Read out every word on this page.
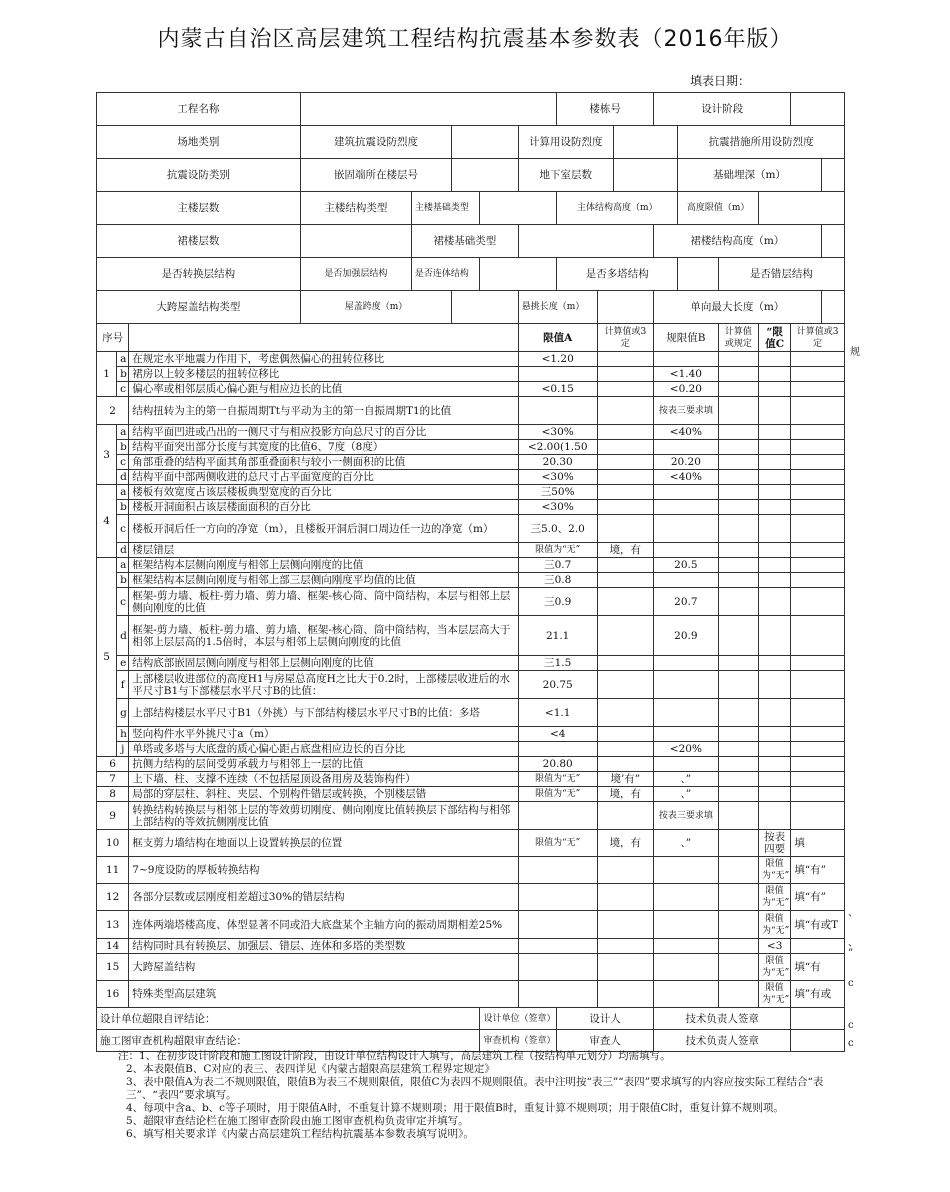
内蒙古自治区高层建筑工程结构抗震基本参数表（2016年版）
填表日期：
工程名称								楼栋号			设计阶段					
场地类别			建筑抗震设防烈度				计算用设防烈度					抗震措施所用设防烈度				
抗震设防类别			嵌固端所在楼层号				地下室层数					基础埋深（m）				
主楼层数			主楼结构类型	主楼基础类型				主体结构高度（m）				高度限值（m）				
裙楼层数				裙楼基础类型							裙楼结构高度（m）					
是否转换层结构			是否加强层结构	是否连体结构				是否多塔结构					是否错层结构			
大跨屋盖结构类型			屋盖跨度（m）				悬挑长度（m）				单向最大长度（m）					
序号							限值A		计算值或3定		规限值B		计算值或规定	“限值C	计算值或3定	
1	a	在规定水平地震力作用下，考虑偶然偏心的扭转位移比					<1.20									
	b	裙房以上较多楼层的扭转位移比									<1.40					
	c	偏心率或相邻层质心偏心距与相应边长的比值					<0.15				<0.20					
2		结构扭转为主的第一自振周期Tt与平动为主的第一自振周期T1的比值									按表三要求填					
3	a	结构平面凹进或凸出的一侧尺寸与相应投影方向总尺寸的百分比					<30%				<40%					
	b	结构平面突出部分长度与其宽度的比值6、7度（8度）					<2.00(1.50									
	c	角部重叠的结构平面其角部重叠面积与较小一侧面积的比值					20.30				20.20					
	d	结构平面中部两侧收进的总尺寸占平面宽度的百分比					<30%				<40%					
4	a	楼板有效宽度占该层楼板典型宽度的百分比					三50%									
	b	楼板开洞面积占该层楼面面积的百分比					<30%									
	c	楼板开洞后任一方向的净宽（m），且楼板开洞后洞口周边任一边的净宽（m）					三5.0、2.0									
	d	楼层错层					限值为“无”		境，有							
5	a	框架结构本层侧向刚度与相邻上层侧向刚度的比值					三0.7				20.5					
	b	框架结构本层侧向刚度与相邻上部三层侧向刚度平均值的比值					三0.8									
	c	框架-剪力墙、板柱-剪力墙、剪力墙、框架-核心筒、筒中筒结构，本层与相邻上层侧向刚度的比值					三0.9				20.7					
	d	框架-剪力墙、板柱-剪力墙、剪力墙、框架-核心筒、筒中筒结构，当本层层高大于相邻上层层高的1.5倍时，本层与相邻上层侧向刚度的比值					21.1				20.9					
	e	结构底部嵌固层侧向刚度与相邻上层侧向刚度的比值					三1.5									
	f	上部楼层收进部位的高度H1与房屋总高度H之比大于0.2时，上部楼层收进后的水平尺寸B1与下部楼层水平尺寸B的比值：					20.75									
	g	上部结构楼层水平尺寸B1（外挑）与下部结构楼层水平尺寸B的比值：多塔					<1.1									
	h	竖向构件水平外挑尺寸a（m）					<4									
	j	单塔或多塔与大底盘的质心偏心距占底盘相应边长的百分比									<20%					
6		抗侧力结构的层间受剪承载力与相邻上一层的比值					20.80									
7		上下墙、柱、支撑不连续（不包括屋顶设备用房及装饰构件）					限值为“无”		境’有”		、”					
8		局部的穿层柱、斜柱、夹层、个别构件错层或转换，个别楼层错					限值为“无”		境，有		、”					
9		转换结构转换层与相邻上层的等效剪切刚度、侧向刚度比值转换层下部结构与相邻上部结构的等效抗侧刚度比值									按表三要求填					
10		框支剪力墙结构在地面以上设置转换层的位置					限值为“无”		境，有		、”			按表四要	填	
11		7~9度设防的厚板转换结构												限值为“无”	填“有”	
12		各部分层数或层刚度相差超过30%的错层结构												限值为“无”	填“有”	
13		连体两端塔楼高度、体型显著不同或沿大底盘某个主轴方向的振动周期相差25%												限值为“无”	填“有或T	
14		结构同时具有转换层、加强层、错层、连体和多塔的类型数												<3		
15		大跨屋盖结构												限值为“无”	填“有	
16		特殊类型高层建筑												限值为“无”	填”有或	
设计单位超限自评结论：						设计单位（签章）		设计人			技术负责人签章					
施工图审查机构超限审查结论：						审查机构（签章）		审查人			技术负责人签章					
规
、
、
”
c
c
c
注：1、在初步设计阶段和施工图设计阶段，由设计单位结构设计人填写，高层建筑工程（按结构单元划分）均需填写。
2、本表限值B、C对应的表三、表四详见《内蒙古超限高层建筑工程界定规定》
3、表中限值A为表二不规则限值，限值B为表三不规则限值，限值C为表四不规则限值。表中注明按“表三”“表四”要求填写的内容应按实际工程结合“表三”、“表四”要求填写。
4、每项中含a、b、c等子项时，用于限值A时，不重复计算不规则项；用于限值B时，重复计算不规则项；用于限值C时，重复计算不规则项。
5、超限审查结论栏在施工图审查阶段由施工图审查机构负责审定并填写。
6、填写相关要求详《内蒙古高层建筑工程结构抗震基本参数表填写说明》。
